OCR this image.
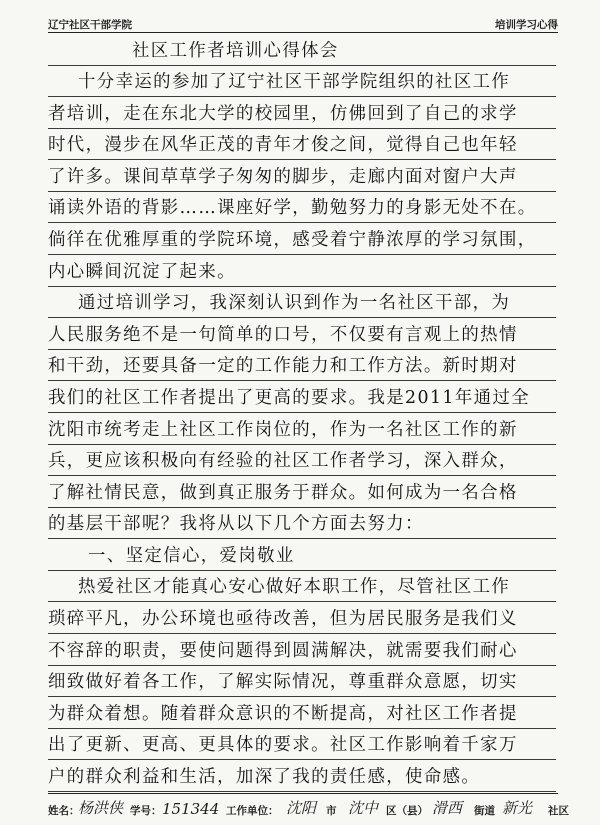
辽宁社区干部学院	培训学习心得
社区工作者培训心得体会
十分幸运的参加了辽宁社区干部学院组织的社区工作
者培训，走在东北大学的校园里，仿佛回到了自己的求学
时代，漫步在风华正茂的青年才俊之间，觉得自己也年轻
了许多。课间草草学子匆匆的脚步，走廊内面对窗户大声
诵读外语的背影……课座好学，勤勉努力的身影无处不在。
倘徉在优雅厚重的学院环境，感受着宁静浓厚的学习氛围，
内心瞬间沉淀了起来。
通过培训学习，我深刻认识到作为一名社区干部，为
人民服务绝不是一句简单的口号，不仅要有言观上的热情
和干劲，还要具备一定的工作能力和工作方法。新时期对
我们的社区工作者提出了更高的要求。我是2011年通过全
沈阳市统考走上社区工作岗位的，作为一名社区工作的新
兵，更应该积极向有经验的社区工作者学习，深入群众，
了解社情民意，做到真正服务于群众。如何成为一名合格
的基层干部呢？我将从以下几个方面去努力：
一、坚定信心，爱岗敬业
热爱社区才能真心安心做好本职工作，尽管社区工作
琐碎平凡，办公环境也亟待改善，但为居民服务是我们义
不容辞的职责，要使问题得到圆满解决，就需要我们耐心
细致做好着各工作，了解实际情况，尊重群众意愿，切实
为群众着想。随着群众意识的不断提高，对社区工作者提
出了更新、更高、更具体的要求。社区工作影响着千家万
户的群众利益和生活，加深了我的责任感，使命感。
姓名：
杨洪侠 学号： 151344 工作单位： 沈阳 市 沈中 区（县） 滑西 街道 新光 社区
